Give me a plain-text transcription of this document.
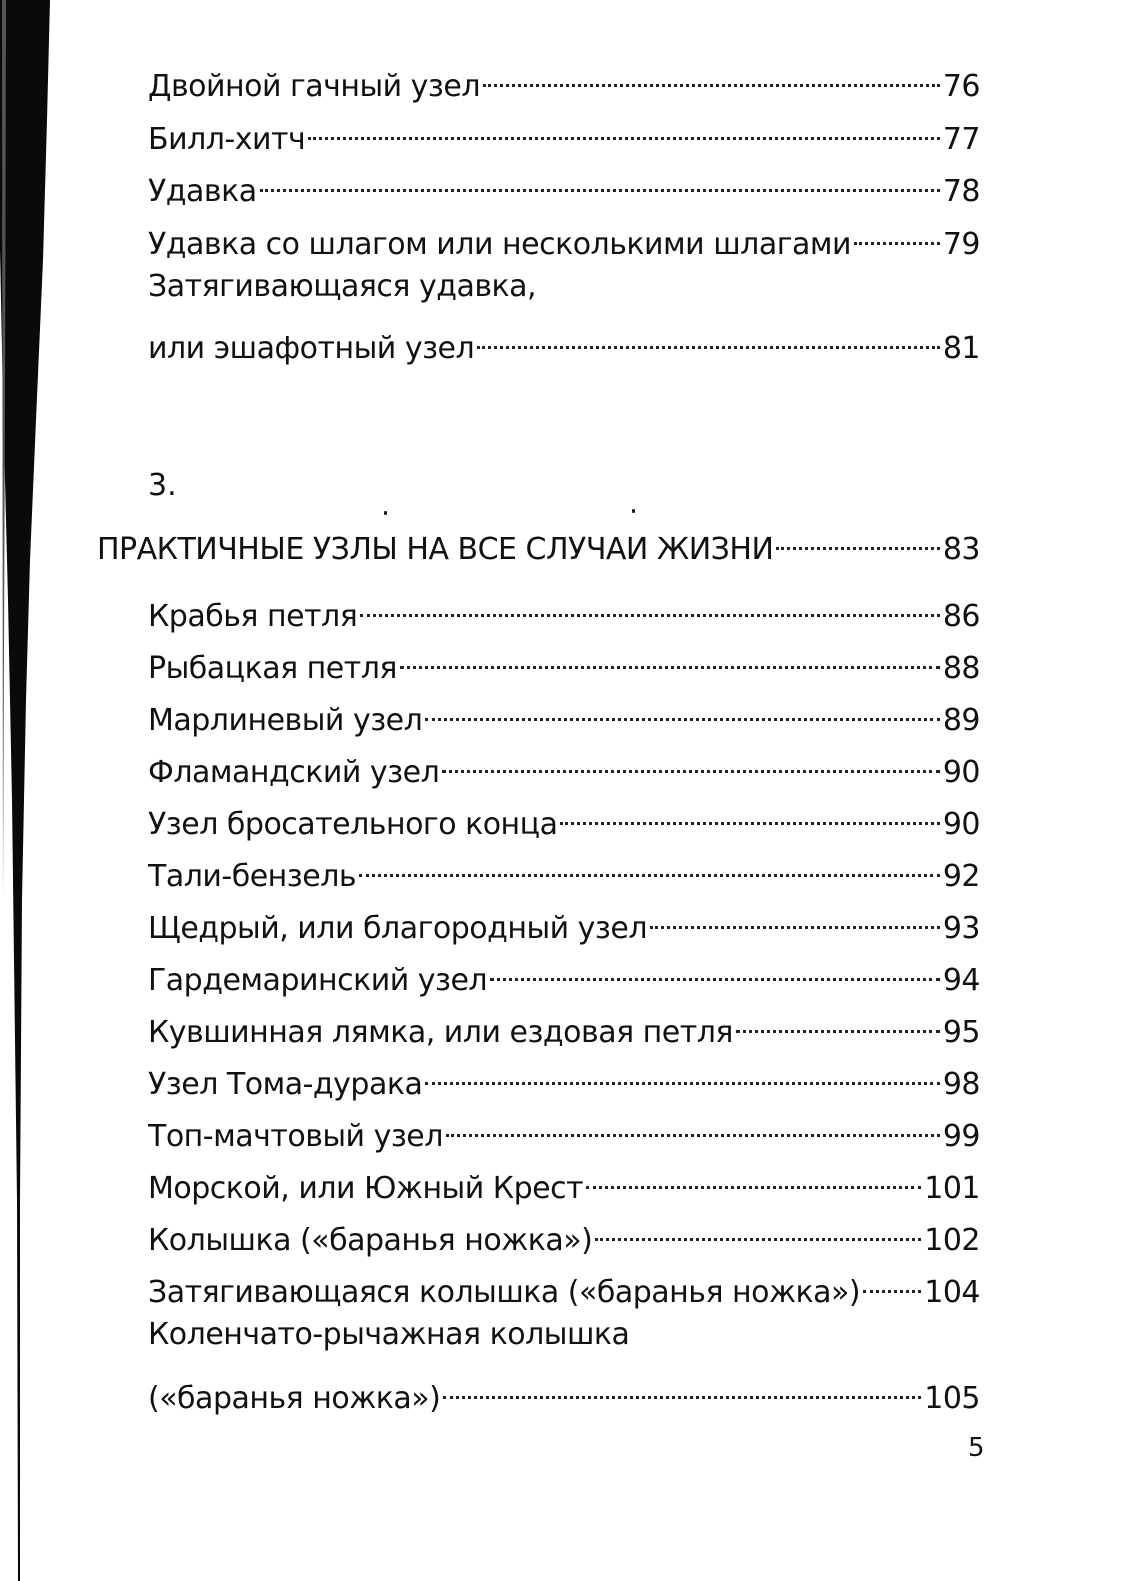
Двойной гачный узел	76
Билл-хитч	77
Удавка	78
Удавка со шлагом или несколькими шлагами	79
Затягивающаяся удавка,
или эшафотный узел	81
3.
ПРАКТИЧНЫЕ УЗЛЫ НА ВСЕ СЛУЧАИ ЖИЗНИ	83
Крабья петля	86
Рыбацкая петля	88
Марлиневый узел	89
Фламандский узел	90
Узел бросательного конца	90
Тали-бензель	92
Щедрый, или благородный узел	93
Гардемаринский узел	94
Кувшинная лямка, или ездовая петля	95
Узел Тома-дурака	98
Топ-мачтовый узел	99
Морской, или Южный Крест	101
Колышка («баранья ножка»)	102
Затягивающаяся колышка («баранья ножка») 104
Коленчато-рычажная колышка
(«баранья ножка»)	105
5
